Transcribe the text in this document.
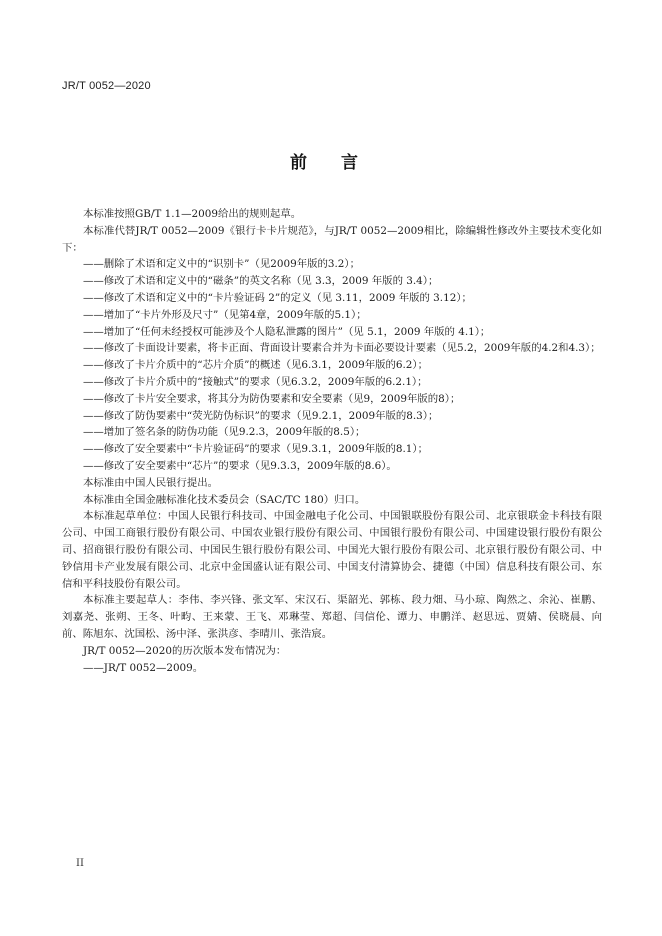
JR/T 0052—2020
前 言

本标准按照GB/T 1.1—2009给出的规则起草。

本标准代替JR/T 0052—2009《银行卡卡片规范》，与JR/T 0052—2009相比，除编辑性修改外主要技术变化如下：

——删除了术语和定义中的“识别卡”（见2009年版的3.2）；

——修改了术语和定义中的“磁条”的英文名称（见 3.3，2009 年版的 3.4）；

——修改了术语和定义中的“卡片验证码 2”的定义（见 3.11，2009 年版的 3.12）；

——增加了“卡片外形及尺寸”（见第4章，2009年版的5.1）；

——增加了“任何未经授权可能涉及个人隐私泄露的图片”（见 5.1，2009 年版的 4.1）；

——修改了卡面设计要素，将卡正面、背面设计要素合并为卡面必要设计要素（见5.2，2009年版的4.2和4.3）；

——修改了卡片介质中的“芯片介质”的概述（见6.3.1，2009年版的6.2）；

——修改了卡片介质中的“接触式”的要求（见6.3.2，2009年版的6.2.1）；

——修改了卡片安全要求，将其分为防伪要素和安全要素（见9，2009年版的8）；

——修改了防伪要素中“荧光防伪标识”的要求（见9.2.1，2009年版的8.3）；

——增加了签名条的防伪功能（见9.2.3，2009年版的8.5）；

——修改了安全要素中“卡片验证码”的要求（见9.3.1，2009年版的8.1）；

——修改了安全要素中“芯片”的要求（见9.3.3，2009年版的8.6）。

本标准由中国人民银行提出。

本标准由全国金融标准化技术委员会（SAC/TC 180）归口。

本标准起草单位：中国人民银行科技司、中国金融电子化公司、中国银联股份有限公司、北京银联金卡科技有限公司、中国工商银行股份有限公司、中国农业银行股份有限公司、中国银行股份有限公司、中国建设银行股份有限公司、招商银行股份有限公司、中国民生银行股份有限公司、中国光大银行股份有限公司、北京银行股份有限公司、中钞信用卡产业发展有限公司、北京中金国盛认证有限公司、中国支付清算协会、捷德（中国）信息科技有限公司、东信和平科技股份有限公司。

本标准主要起草人：李伟、李兴锋、张文军、宋汉石、渠韶光、郭栋、段力畑、马小琼、陶然之、余沁、崔鹏、刘嘉尧、张朔、王冬、叶畇、王来蒙、王飞、邓琳莹、郑超、闫信伦、谭力、申鹏洋、赵思远、贾婧、侯晓晨、向前、陈旭东、沈国松、汤中泽、张洪彦、李晴川、张浩宸。

JR/T 0052—2020的历次版本发布情况为：

——JR/T 0052—2009。

II
